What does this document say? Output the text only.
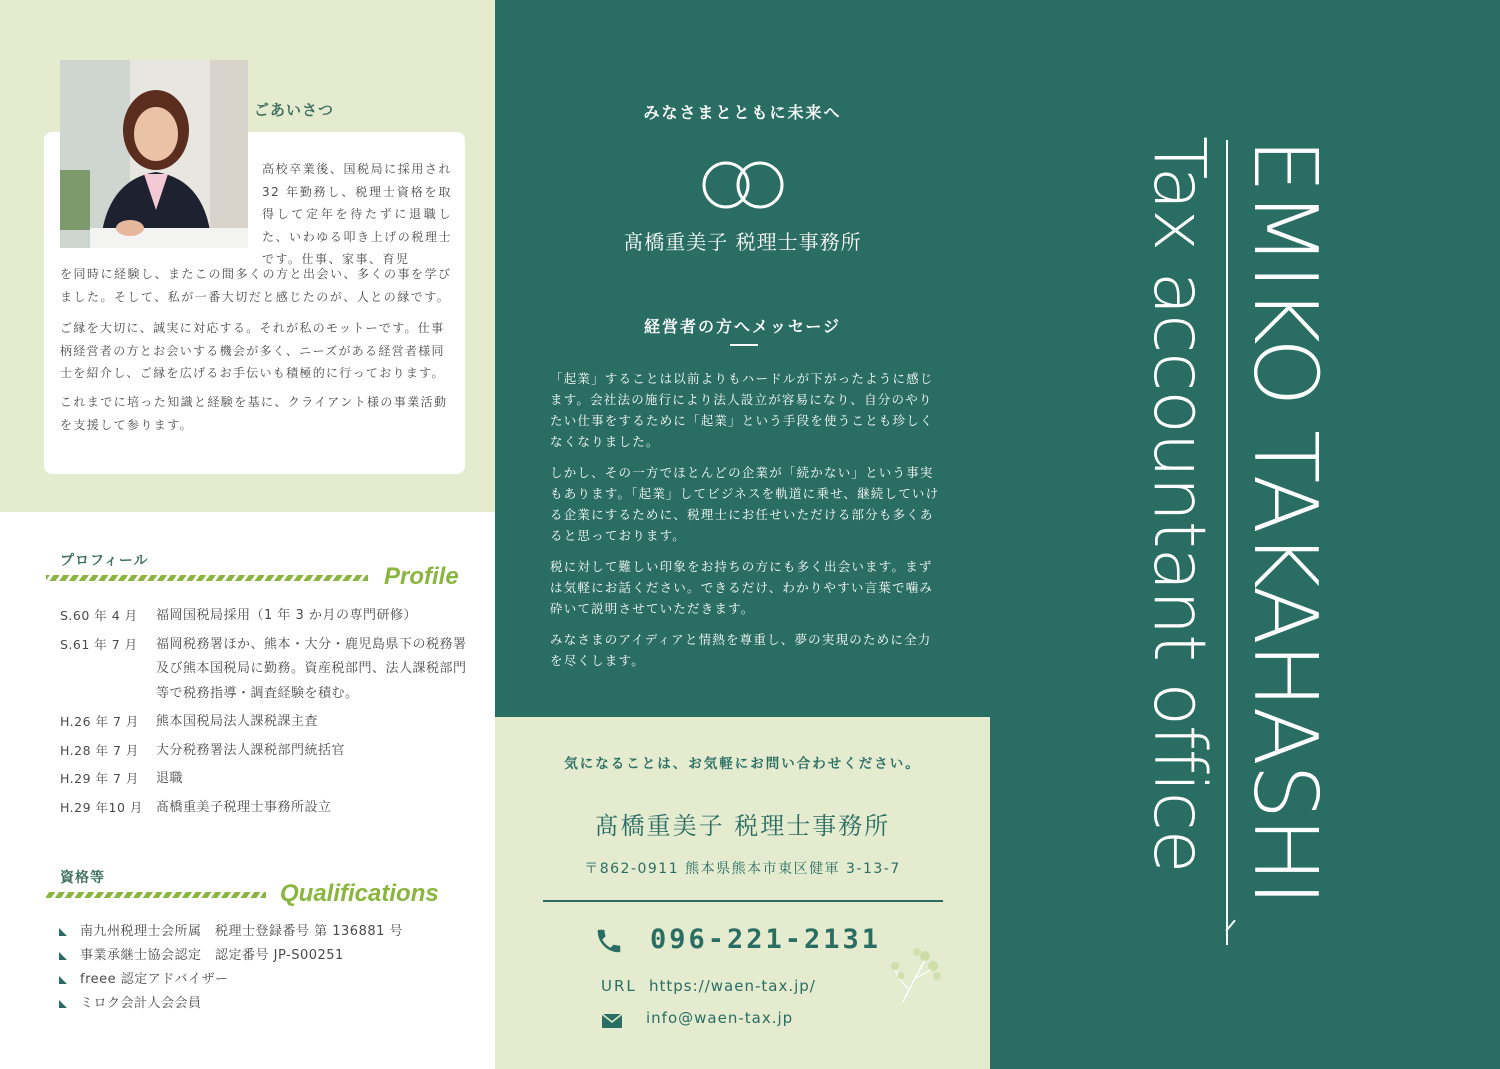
ごあいさつ
高校卒業後、国税局に採用され 32 年勤務し、税理士資格を取得して定年を待たずに退職した、いわゆる叩き上げの税理士です。仕事、家事、育児
を同時に経験し、またこの間多くの方と出会い、多くの事を学びました。そして、私が一番大切だと感じたのが、人との縁です。
ご縁を大切に、誠実に対応する。それが私のモットーです。仕事柄経営者の方とお会いする機会が多く、ニーズがある経営者様同士を紹介し、ご縁を広げるお手伝いも積極的に行っております。
これまでに培った知識と経験を基に、クライアント様の事業活動を支援して参ります。
プロフィール
Profile
S.60 年 4 月	福岡国税局採用（1 年 3 か月の専門研修）
S.61 年 7 月	福岡税務署ほか、熊本・大分・鹿児島県下の税務署及び熊本国税局に勤務。資産税部門、法人課税部門等で税務指導・調査経験を積む。
H.26 年 7 月	熊本国税局法人課税課主査
H.28 年 7 月	大分税務署法人課税部門統括官
H.29 年 7 月	退職
H.29 年10 月	髙橋重美子税理士事務所設立
資格等
Qualifications
南九州税理士会所属　税理士登録番号 第 136881 号
事業承継士協会認定　認定番号 JP-S00251
freee 認定アドバイザー
ミロク会計人会会員
みなさまとともに未来へ
髙橋重美子 税理士事務所
経営者の方へメッセージ

「起業」することは以前よりもハードルが下がったように感じます。会社法の施行により法人設立が容易になり、自分のやりたい仕事をするために「起業」という手段を使うことも珍しくなくなりました。

しかし、その一方でほとんどの企業が「続かない」という事実もあります。「起業」してビジネスを軌道に乗せ、継続していける企業にするために、税理士にお任せいただける部分も多くあると思っております。

税に対して難しい印象をお持ちの方にも多く出会います。まずは気軽にお話ください。できるだけ、わかりやすい言葉で噛み砕いて説明させていただきます。

みなさまのアイディアと情熱を尊重し、夢の実現のために全力を尽くします。

気になることは、お気軽にお問い合わせください。
髙橋重美子 税理士事務所
〒862-0911 熊本県熊本市東区健軍 3-13-7
096-221-2131
URL https://waen-tax.jp/
info@waen-tax.jp
EMIKO TAKAHASHI
Tax accountant office
